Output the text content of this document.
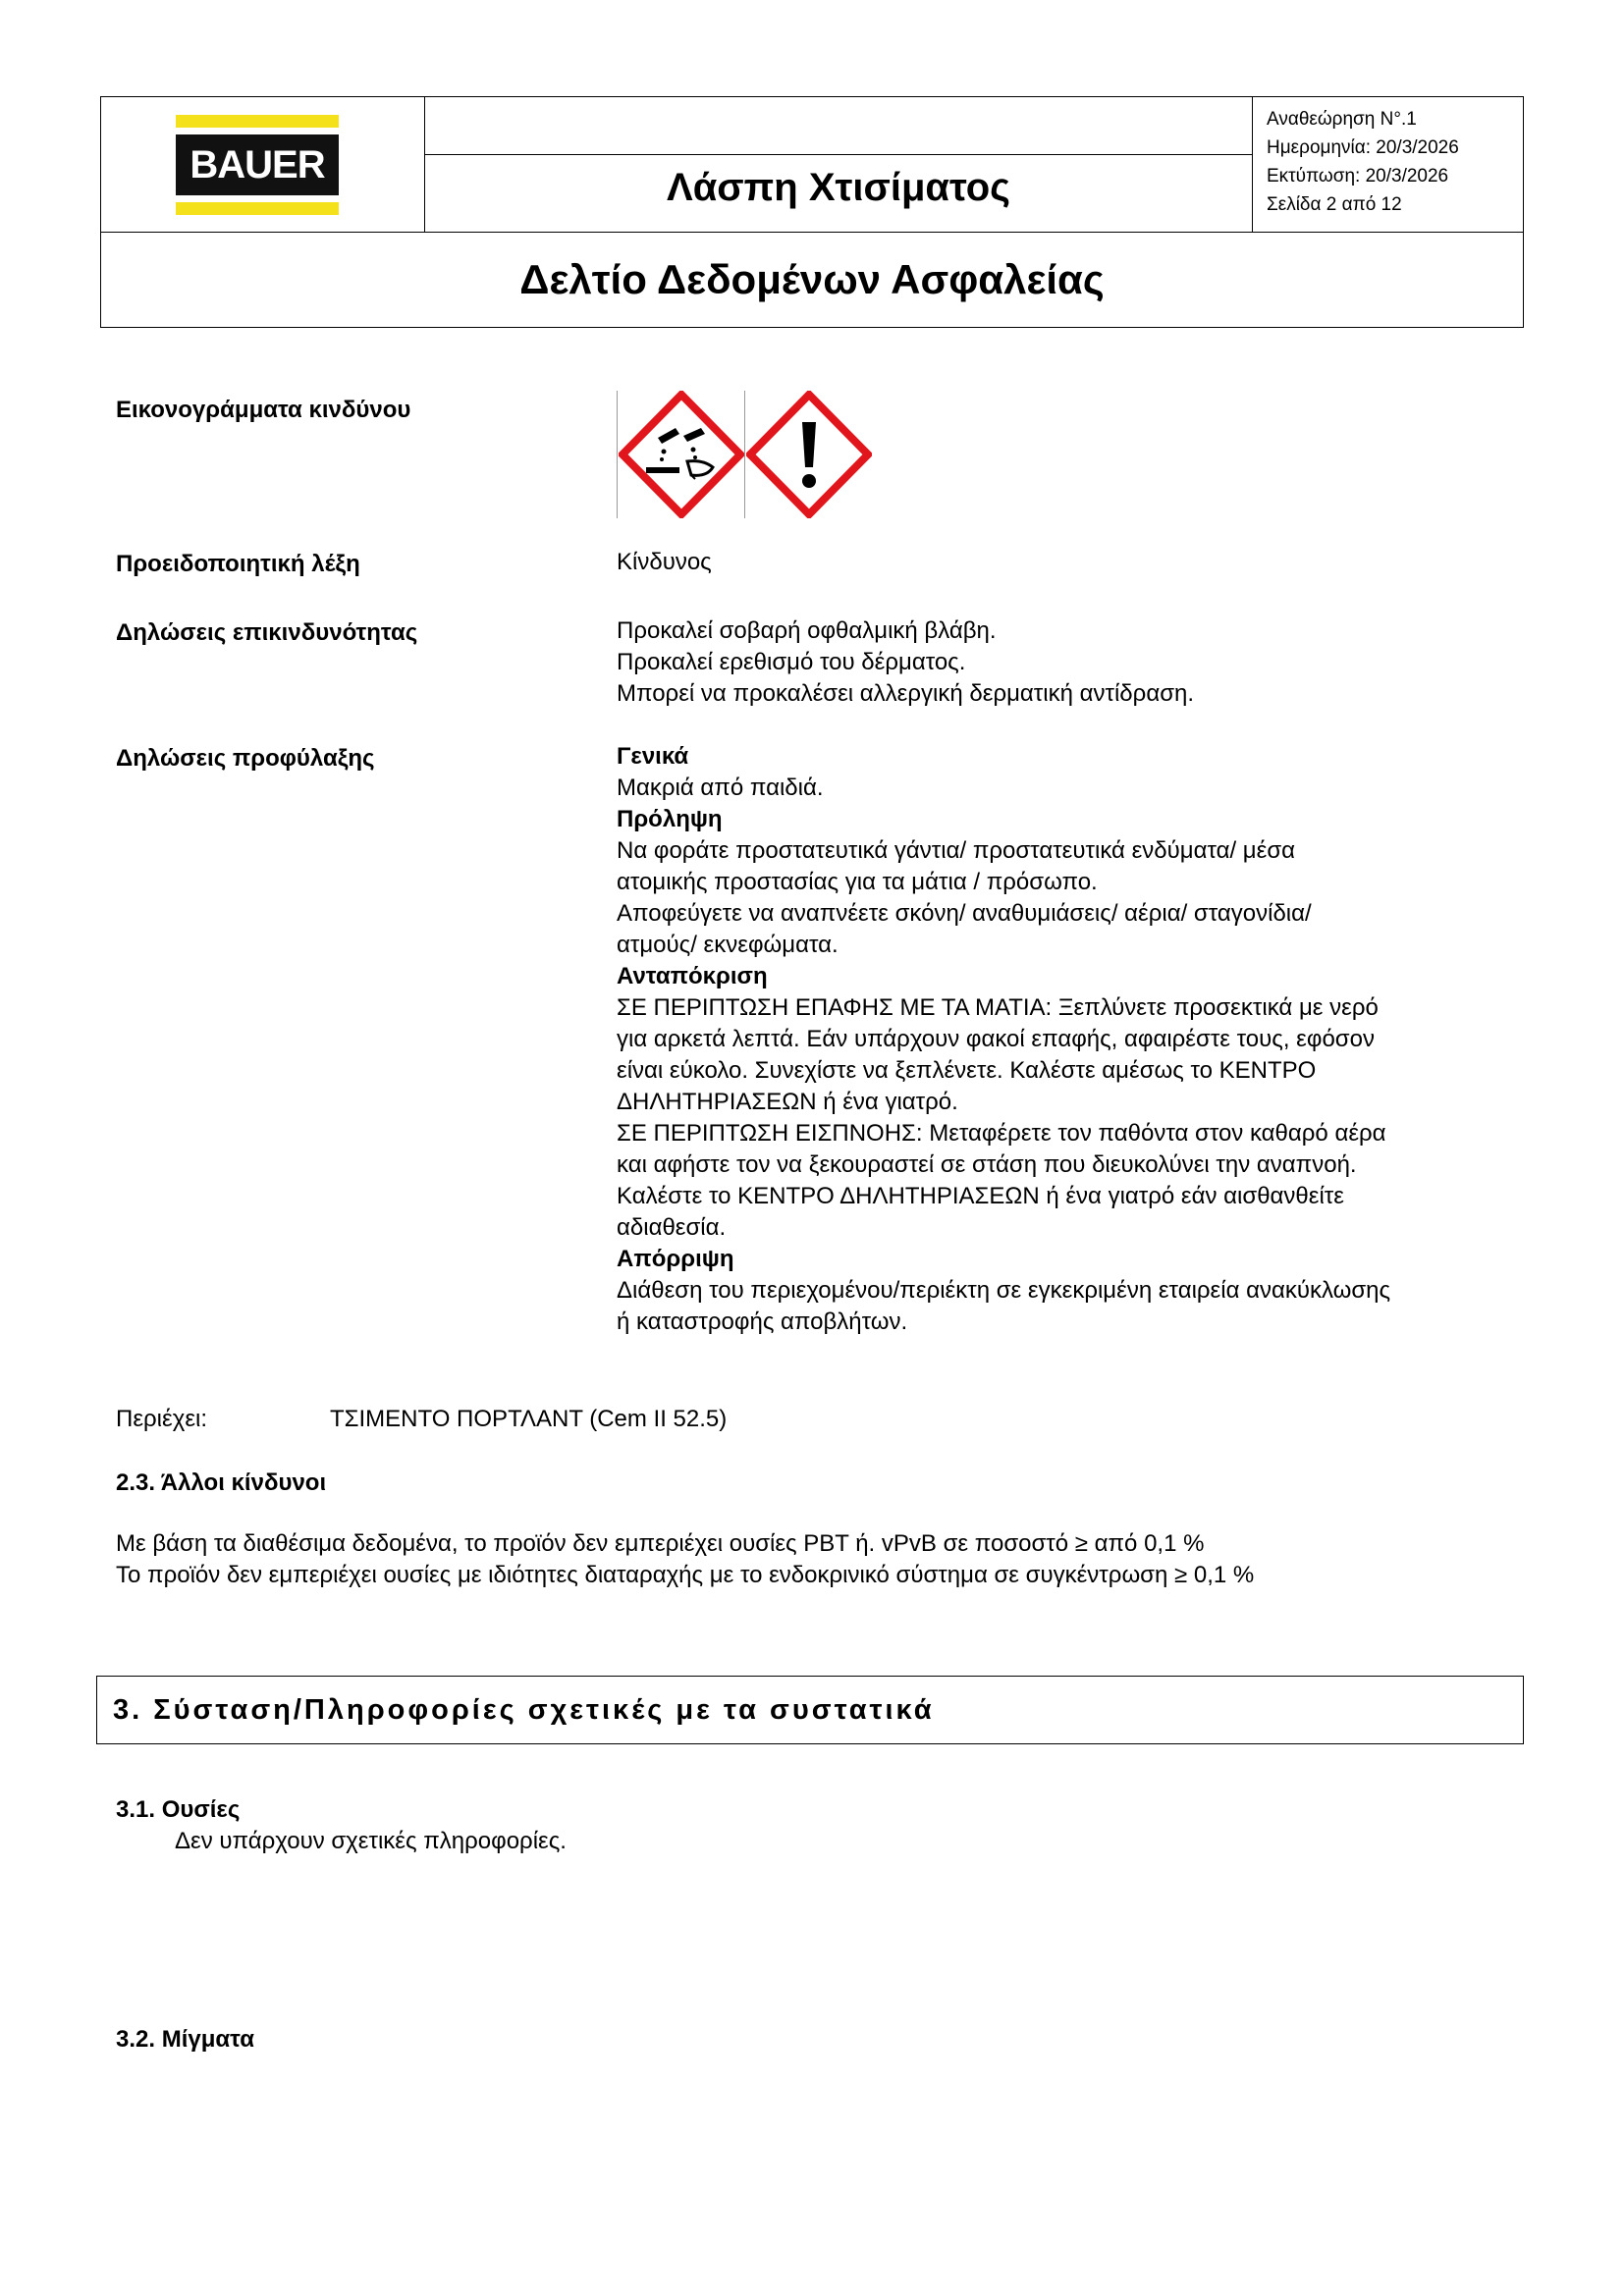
BAUER
Λάσπη Χτισίματος
Αναθεώρηση N°.1
Ημερομηνία: 20/3/2026
Εκτύπωση: 20/3/2026
Σελίδα 2 από 12
Δελτίο Δεδομένων Ασφαλείας
Εικονογράμματα κινδύνου
Προειδοποιητική λέξη	Κίνδυνος
Δηλώσεις επικινδυνότητας	Προκαλεί σοβαρή οφθαλμική βλάβη.
Προκαλεί ερεθισμό του δέρματος.
Μπορεί να προκαλέσει αλλεργική δερματική αντίδραση.
Δηλώσεις προφύλαξης	Γενικά
Μακριά από παιδιά.
Πρόληψη
Να φοράτε προστατευτικά γάντια/ προστατευτικά ενδύματα/ μέσα
ατομικής προστασίας για τα μάτια / πρόσωπο.
Αποφεύγετε να αναπνέετε σκόνη/ αναθυμιάσεις/ αέρια/ σταγονίδια/
ατμούς/ εκνεφώματα.
Ανταπόκριση
ΣΕ ΠΕΡΙΠΤΩΣΗ ΕΠΑΦΗΣ ΜΕ ΤΑ ΜΑΤΙΑ: Ξεπλύνετε προσεκτικά με νερό
για αρκετά λεπτά. Εάν υπάρχουν φακοί επαφής, αφαιρέστε τους, εφόσον
είναι εύκολο. Συνεχίστε να ξεπλένετε. Καλέστε αμέσως το ΚΕΝΤΡΟ
ΔΗΛΗΤΗΡΙΑΣΕΩΝ ή ένα γιατρό.
ΣΕ ΠΕΡΙΠΤΩΣΗ ΕΙΣΠΝΟΗΣ: Μεταφέρετε τον παθόντα στον καθαρό αέρα
και αφήστε τον να ξεκουραστεί σε στάση που διευκολύνει την αναπνοή.
Καλέστε το ΚΕΝΤΡΟ ΔΗΛΗΤΗΡΙΑΣΕΩΝ ή ένα γιατρό εάν αισθανθείτε
αδιαθεσία.
Απόρριψη
Διάθεση του περιεχομένου/περιέκτη σε εγκεκριμένη εταιρεία ανακύκλωσης
ή καταστροφής αποβλήτων.
Περιέχει:	ΤΣΙΜΕΝΤΟ ΠΟΡΤΛΑΝΤ (Cem II 52.5)
2.3. Άλλοι κίνδυνοι
Με βάση τα διαθέσιμα δεδομένα, το προϊόν δεν εμπεριέχει ουσίες PBT ή. vPvB σε ποσοστό ≥ από 0,1 %
Το προϊόν δεν εμπεριέχει ουσίες με ιδιότητες διαταραχής με το ενδοκρινικό σύστημα σε συγκέντρωση ≥ 0,1 %
3. Σύσταση/Πληροφορίες σχετικές με τα συστατικά
3.1. Ουσίες
Δεν υπάρχουν σχετικές πληροφορίες.
3.2. Μίγματα
